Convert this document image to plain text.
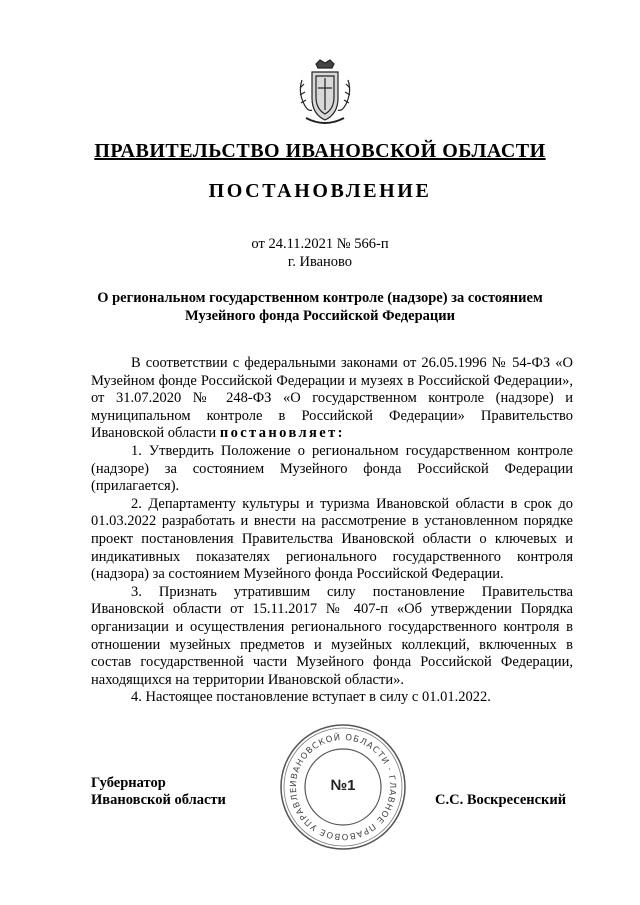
ПРАВИТЕЛЬСТВО ИВАНОВСКОЙ ОБЛАСТИ
ПОСТАНОВЛЕНИЕ
от 24.11.2021 № 566-п
г. Иваново
О региональном государственном контроле (надзоре) за состоянием
Музейного фонда Российской Федерации

В соответствии с федеральными законами от 26.05.1996 № 54-ФЗ «О Музейном фонде Российской Федерации и музеях в Российской Федерации», от 31.07.2020 № 248-ФЗ «О государственном контроле (надзоре) и муниципальном контроле в Российской Федерации» Правительство Ивановской области постановляет:

1. Утвердить Положение о региональном государственном контроле (надзоре) за состоянием Музейного фонда Российской Федерации (прилагается).

2. Департаменту культуры и туризма Ивановской области в срок до 01.03.2022 разработать и внести на рассмотрение в установленном порядке проект постановления Правительства Ивановской области о ключевых и индикативных показателях регионального государственного контроля (надзора) за состоянием Музейного фонда Российской Федерации.

3. Признать утратившим силу постановление Правительства Ивановской области от 15.11.2017 № 407-п «Об утверждении Порядка организации и осуществления регионального государственного контроля в отношении музейных предметов и музейных коллекций, включенных в состав государственной части Музейного фонда Российской Федерации, находящихся на территории Ивановской области».

4. Настоящее постановление вступает в силу с 01.01.2022.

Губернатор
Ивановской области
ИВАНОВСКОЙ ОБЛАСТИ · ГЛАВНОЕ ПРАВОВОЕ УПРАВЛЕ	№1
С.С. Воскресенский
